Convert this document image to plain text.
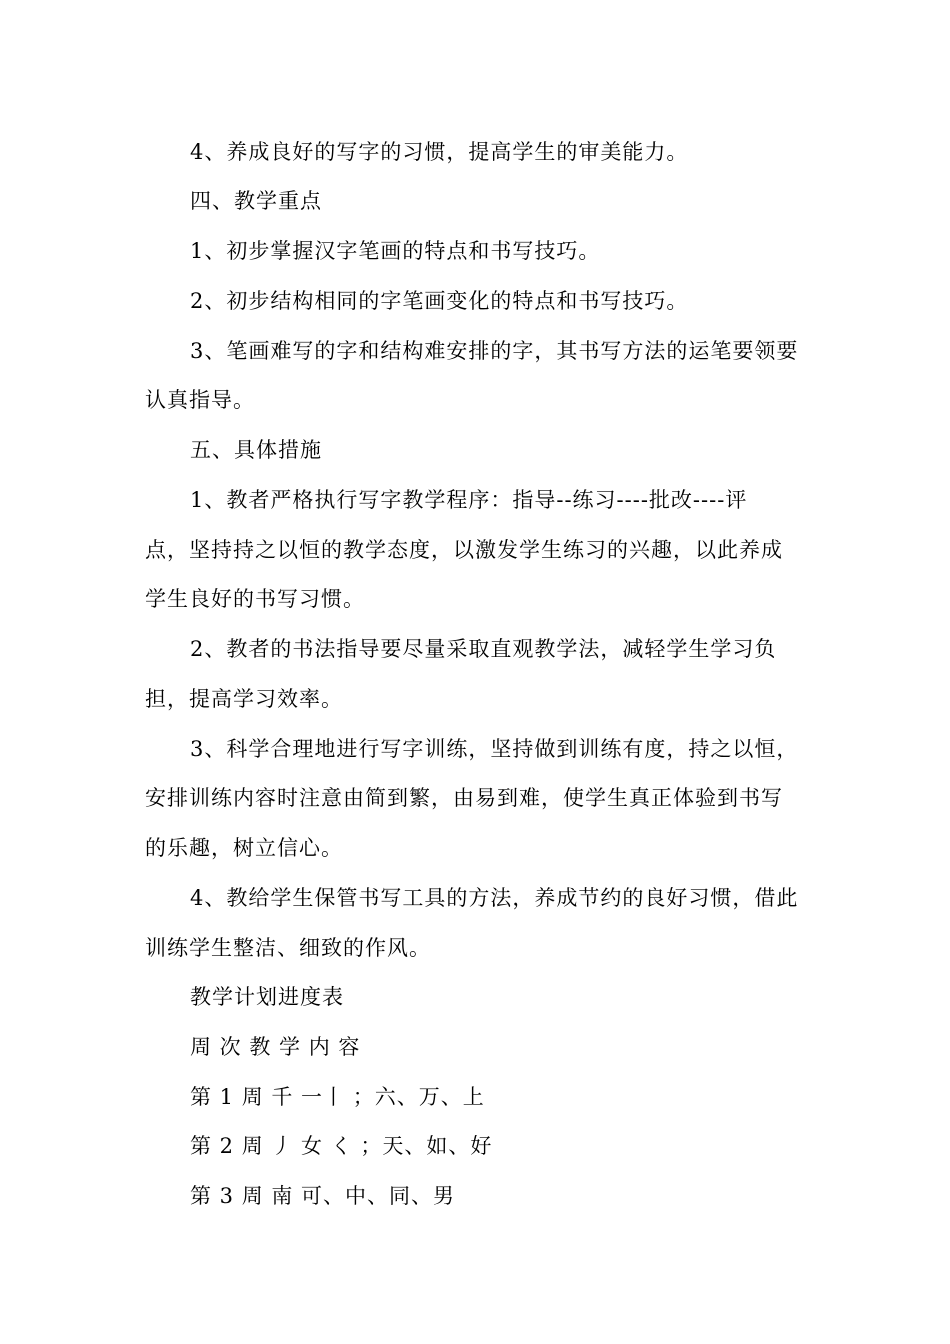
4、养成良好的写字的习惯，提高学生的审美能力。
四、教学重点
1、初步掌握汉字笔画的特点和书写技巧。
2、初步结构相同的字笔画变化的特点和书写技巧。
3、笔画难写的字和结构难安排的字，其书写方法的运笔要领要
认真指导。
五、具体措施
1、教者严格执行写字教学程序：指导--练习----批改----评
点，坚持持之以恒的教学态度，以激发学生练习的兴趣，以此养成
学生良好的书写习惯。
2、教者的书法指导要尽量采取直观教学法，减轻学生学习负
担，提高学习效率。
3、科学合理地进行写字训练，坚持做到训练有度，持之以恒，
安排训练内容时注意由简到繁，由易到难，使学生真正体验到书写
的乐趣，树立信心。
4、教给学生保管书写工具的方法，养成节约的良好习惯，借此
训练学生整洁、细致的作风。
教学计划进度表
周 次 教 学 内 容
第 1 周 千 一丨 ；六、万、上
第 2 周 丿 女 く ；天、如、好
第 3 周 南 可、中、同、男
